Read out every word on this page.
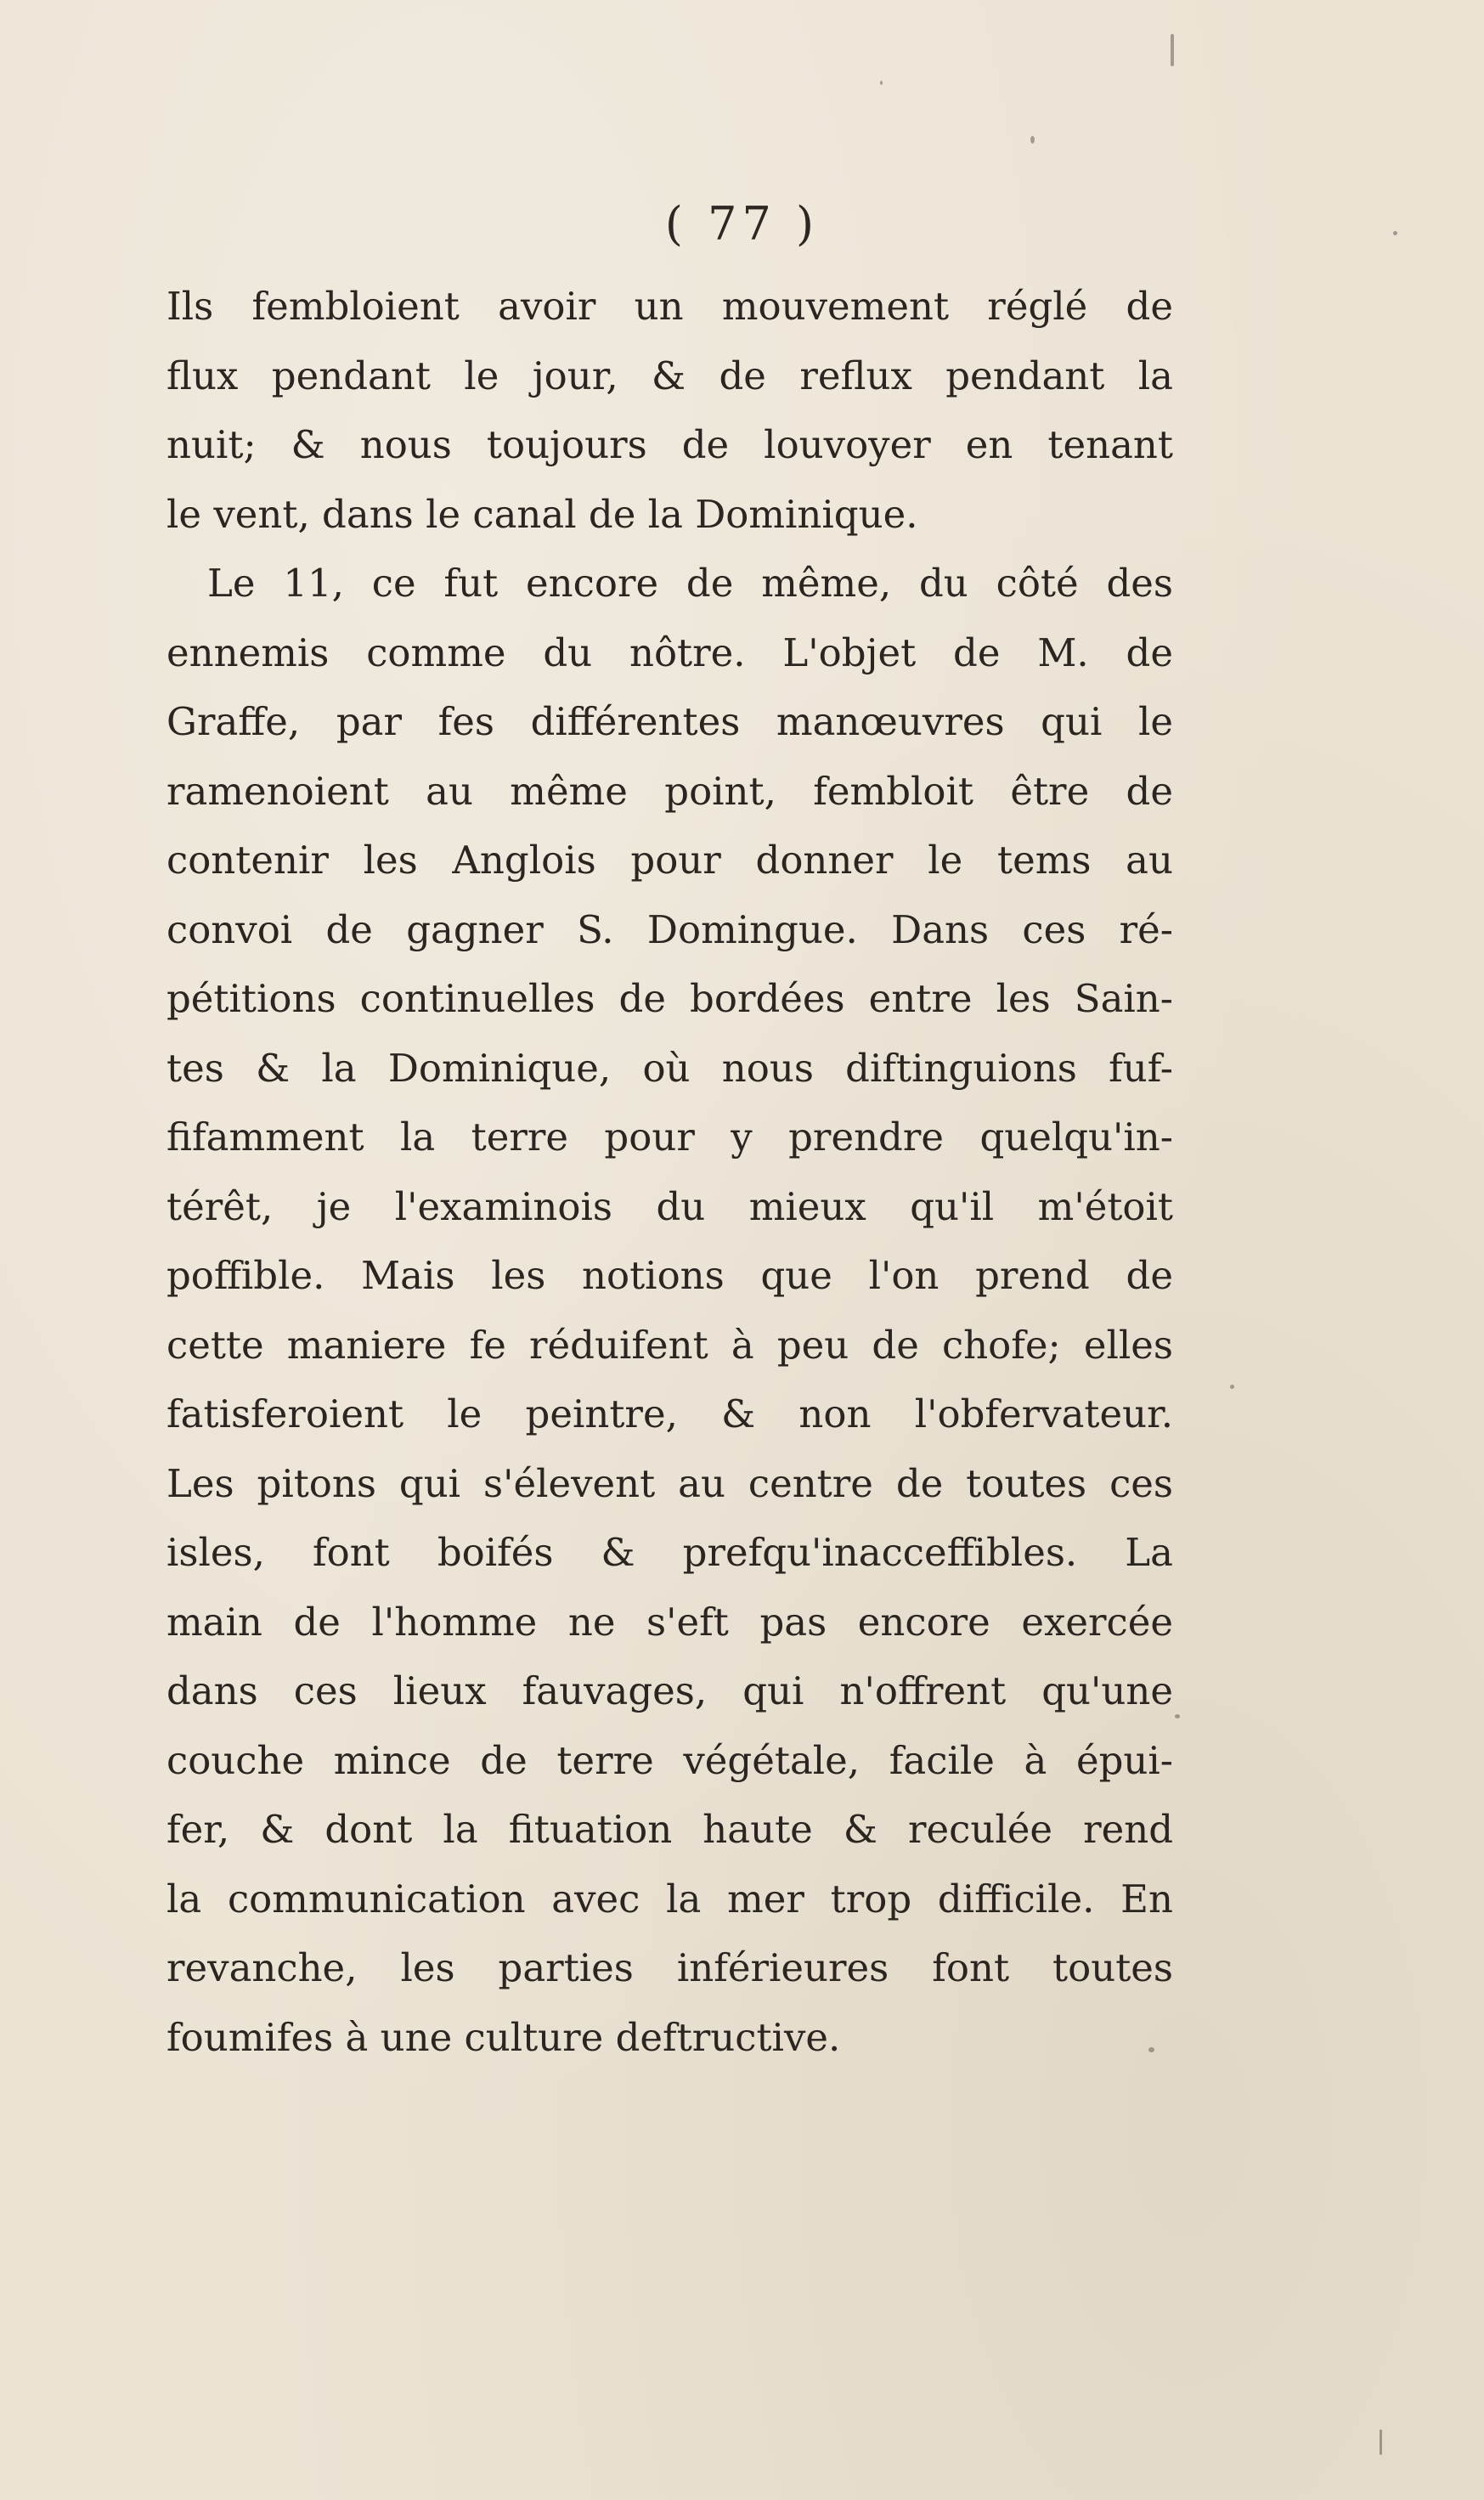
( 77 )
Ils fembloient avoir un mouvement réglé de
flux pendant le jour, & de reflux pendant la
nuit; & nous toujours de louvoyer en tenant
le vent, dans le canal de la Dominique.
Le 11, ce fut encore de même, du côté des
ennemis comme du nôtre. L'objet de M. de
Graffe, par fes différentes manœuvres qui le
ramenoient au même point, fembloit être de
contenir les Anglois pour donner le tems au
convoi de gagner S. Domingue. Dans ces ré-
pétitions continuelles de bordées entre les Sain-
tes & la Dominique, où nous diftinguions fuf-
fifamment la terre pour y prendre quelqu'in-
térêt, je l'examinois du mieux qu'il m'étoit
poffible. Mais les notions que l'on prend de
cette maniere fe réduifent à peu de chofe; elles
fatisferoient le peintre, & non l'obfervateur.
Les pitons qui s'élevent au centre de toutes ces
isles, font boifés & prefqu'inacceffibles. La
main de l'homme ne s'eft pas encore exercée
dans ces lieux fauvages, qui n'offrent qu'une
couche mince de terre végétale, facile à épui-
fer, & dont la fituation haute & reculée rend
la communication avec la mer trop difficile. En
revanche, les parties inférieures font toutes
foumifes à une culture deftructive.
